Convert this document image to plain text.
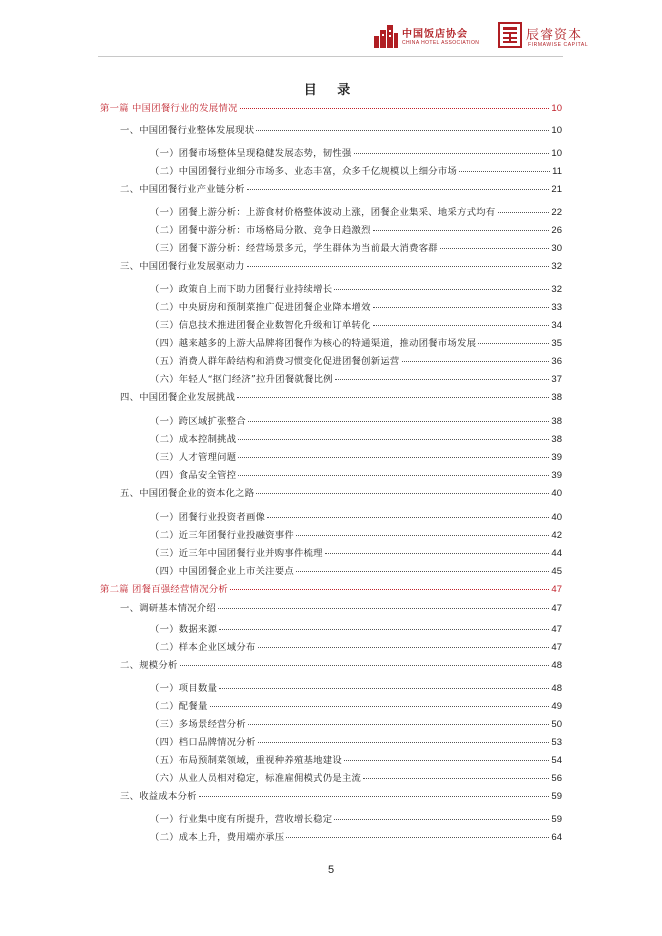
中国饭店协会
CHINA HOTEL ASSOCIATION	辰睿资本
FIRMAWISE CAPITAL
目 录
第一篇 中国团餐行业的发展情况	10
一、中国团餐行业整体发展现状	10
（一）团餐市场整体呈现稳健发展态势，韧性强	10
（二）中国团餐行业细分市场多、业态丰富，众多千亿规模以上细分市场	11
二、中国团餐行业产业链分析	21
（一）团餐上游分析：上游食材价格整体波动上涨，团餐企业集采、地采方式均有	22
（二）团餐中游分析：市场格局分散、竞争日趋激烈	26
（三）团餐下游分析：经营场景多元，学生群体为当前最大消费客群	30
三、中国团餐行业发展驱动力	32
（一）政策自上而下助力团餐行业持续增长	32
（二）中央厨房和预制菜推广促进团餐企业降本增效	33
（三）信息技术推进团餐企业数智化升级和订单转化	34
（四）越来越多的上游大品牌将团餐作为核心的特通渠道，推动团餐市场发展	35
（五）消费人群年龄结构和消费习惯变化促进团餐创新运营	36
（六）年轻人“抠门经济”拉升团餐就餐比例	37
四、中国团餐企业发展挑战	38
（一）跨区域扩张整合	38
（二）成本控制挑战	38
（三）人才管理问题	39
（四）食品安全管控	39
五、中国团餐企业的资本化之路	40
（一）团餐行业投资者画像	40
（二）近三年团餐行业投融资事件	42
（三）近三年中国团餐行业并购事件梳理	44
（四）中国团餐企业上市关注要点	45
第二篇 团餐百强经营情况分析	47
一、调研基本情况介绍	47
（一）数据来源	47
（二）样本企业区域分布	47
二、规模分析	48
（一）项目数量	48
（二）配餐量	49
（三）多场景经营分析	50
（四）档口品牌情况分析	53
（五）布局预制菜领域，重视种养殖基地建设	54
（六）从业人员相对稳定，标准雇佣模式仍是主流	56
三、收益成本分析	59
（一）行业集中度有所提升，营收增长稳定	59
（二）成本上升，费用端亦承压	64
5
